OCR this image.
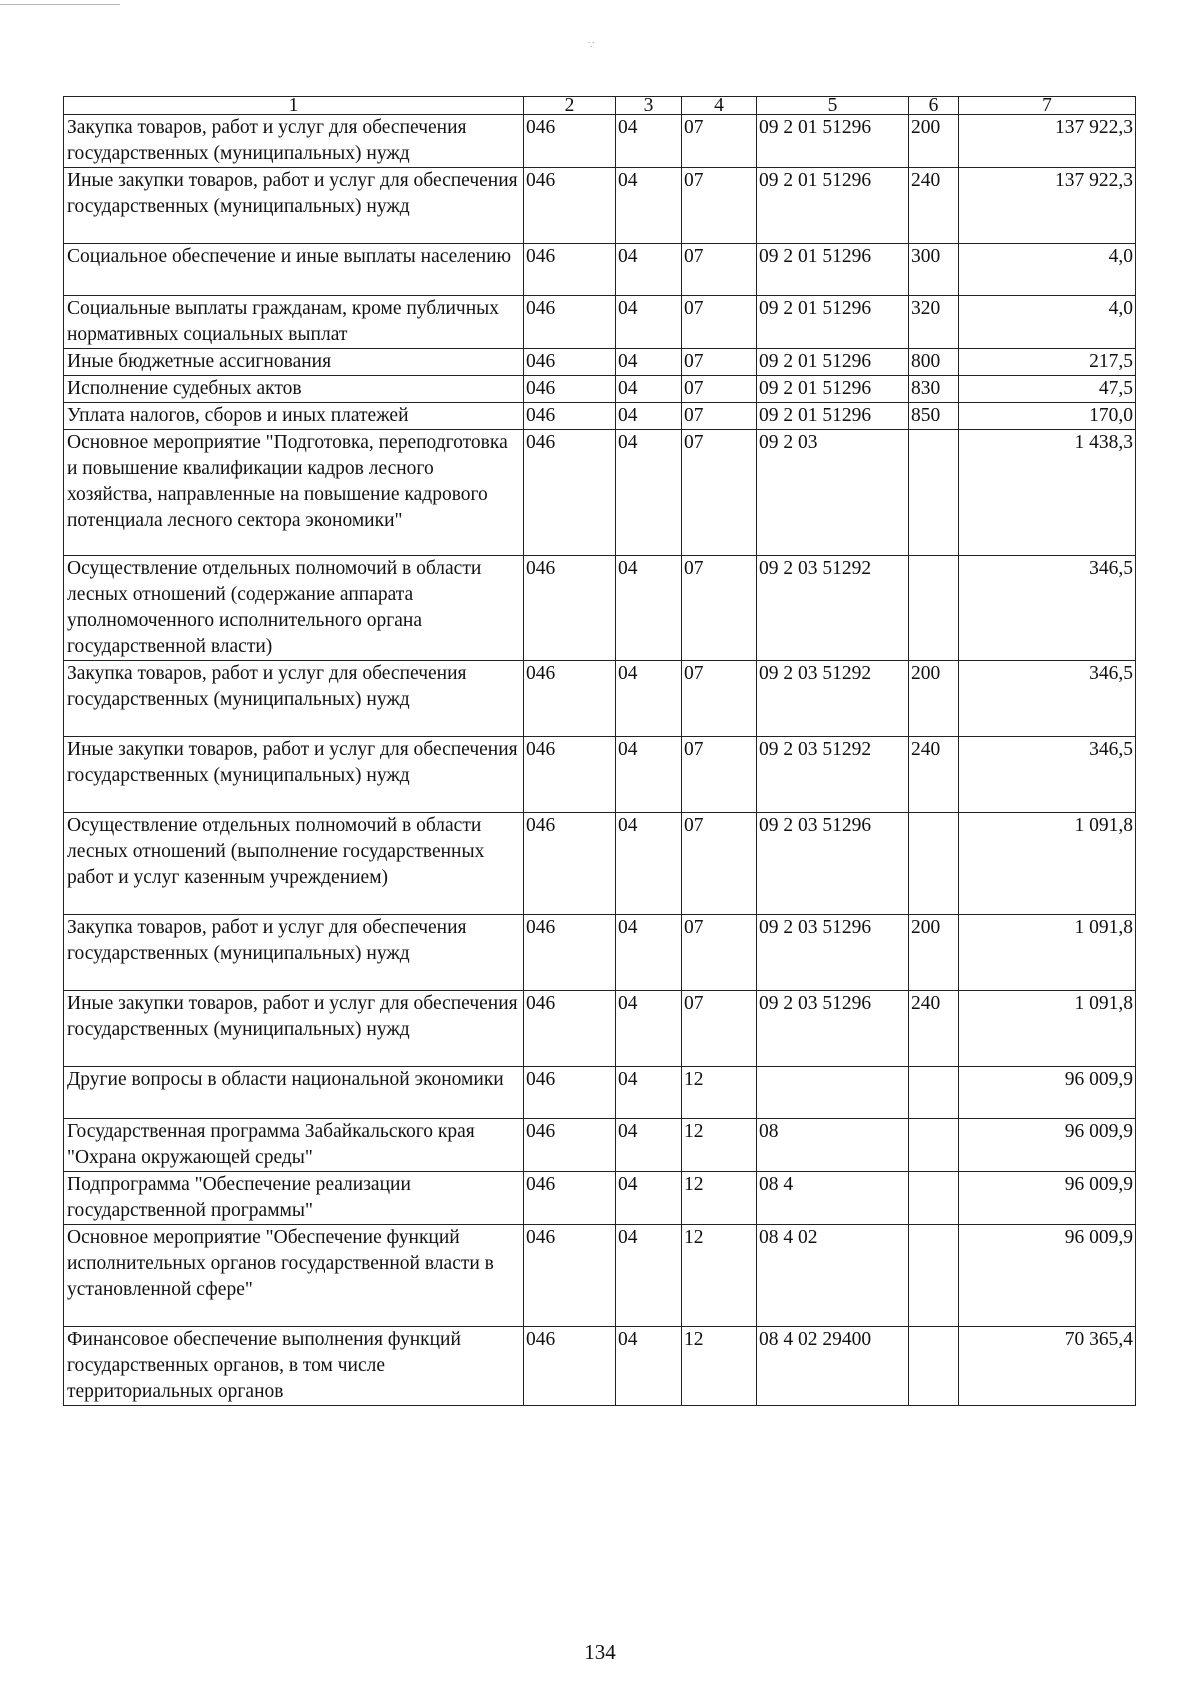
∵
1	2	3	4	5	6	7
Закупка товаров, работ и услуг для обеспечения государственных (муниципальных) нужд	046	04	07	09 2 01 51296	200	137 922,3
Иные закупки товаров, работ и услуг для обеспечения государственных (муниципальных) нужд	046	04	07	09 2 01 51296	240	137 922,3
Социальное обеспечение и иные выплаты населению	046	04	07	09 2 01 51296	300	4,0
Социальные выплаты гражданам, кроме публичных нормативных социальных выплат	046	04	07	09 2 01 51296	320	4,0
Иные бюджетные ассигнования	046	04	07	09 2 01 51296	800	217,5
Исполнение судебных актов	046	04	07	09 2 01 51296	830	47,5
Уплата налогов, сборов и иных платежей	046	04	07	09 2 01 51296	850	170,0
Основное мероприятие "Подготовка, переподготовка и повышение квалификации кадров лесного хозяйства, направленные на повышение кадрового потенциала лесного сектора экономики"	046	04	07	09 2 03		1 438,3
Осуществление отдельных полномочий в области лесных отношений (содержание аппарата уполномоченного исполнительного органа государственной власти)	046	04	07	09 2 03 51292		346,5
Закупка товаров, работ и услуг для обеспечения государственных (муниципальных) нужд	046	04	07	09 2 03 51292	200	346,5
Иные закупки товаров, работ и услуг для обеспечения государственных (муниципальных) нужд	046	04	07	09 2 03 51292	240	346,5
Осуществление отдельных полномочий в области лесных отношений (выполнение государственных работ и услуг казенным учреждением)	046	04	07	09 2 03 51296		1 091,8
Закупка товаров, работ и услуг для обеспечения государственных (муниципальных) нужд	046	04	07	09 2 03 51296	200	1 091,8
Иные закупки товаров, работ и услуг для обеспечения государственных (муниципальных) нужд	046	04	07	09 2 03 51296	240	1 091,8
Другие вопросы в области национальной экономики	046	04	12			96 009,9
Государственная программа Забайкальского края "Охрана окружающей среды"	046	04	12	08		96 009,9
Подпрограмма "Обеспечение реализации государственной программы"	046	04	12	08 4		96 009,9
Основное мероприятие "Обеспечение функций исполнительных органов государственной власти в установленной сфере"	046	04	12	08 4 02		96 009,9
Финансовое обеспечение выполнения функций государственных органов, в том числе территориальных органов	046	04	12	08 4 02 29400		70 365,4
134
